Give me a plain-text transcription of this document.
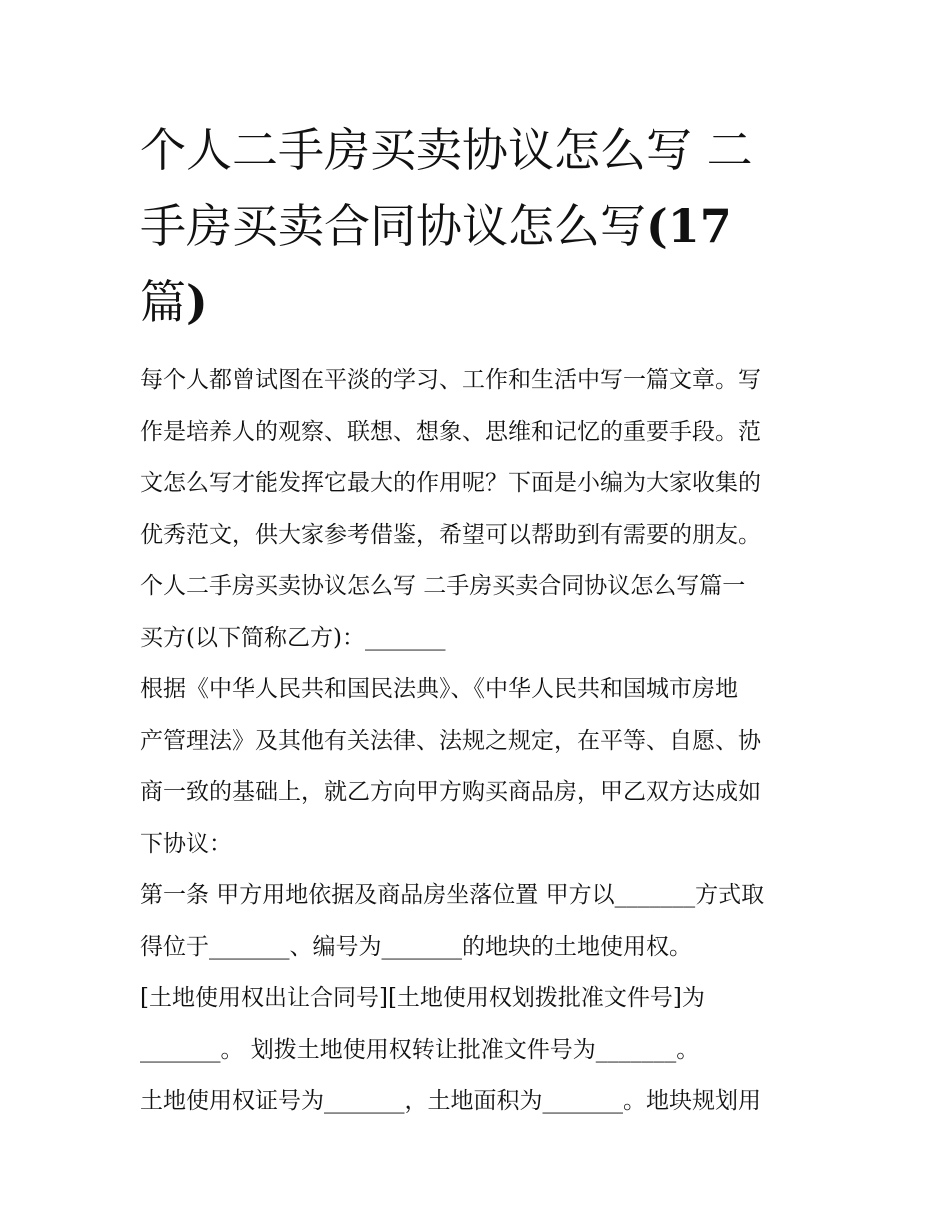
个人二手房买卖协议怎么写 二
手房买卖合同协议怎么写(17
篇)
每个人都曾试图在平淡的学习、工作和生活中写一篇文章。写
作是培养人的观察、联想、想象、思维和记忆的重要手段。范
文怎么写才能发挥它最大的作用呢？下面是小编为大家收集的
优秀范文，供大家参考借鉴，希望可以帮助到有需要的朋友。
个人二手房买卖协议怎么写 二手房买卖合同协议怎么写篇一
买方(以下简称乙方)：_______
根据《中华人民共和国民法典》、《中华人民共和国城市房地
产管理法》及其他有关法律、法规之规定，在平等、自愿、协
商一致的基础上，就乙方向甲方购买商品房，甲乙双方达成如
下协议：
第一条 甲方用地依据及商品房坐落位置 甲方以_______方式取
得位于_______、编号为_______的地块的土地使用权。
[土地使用权出让合同号][土地使用权划拨批准文件号]为
_______。 划拨土地使用权转让批准文件号为_______。
土地使用权证号为_______，土地面积为_______。地块规划用
